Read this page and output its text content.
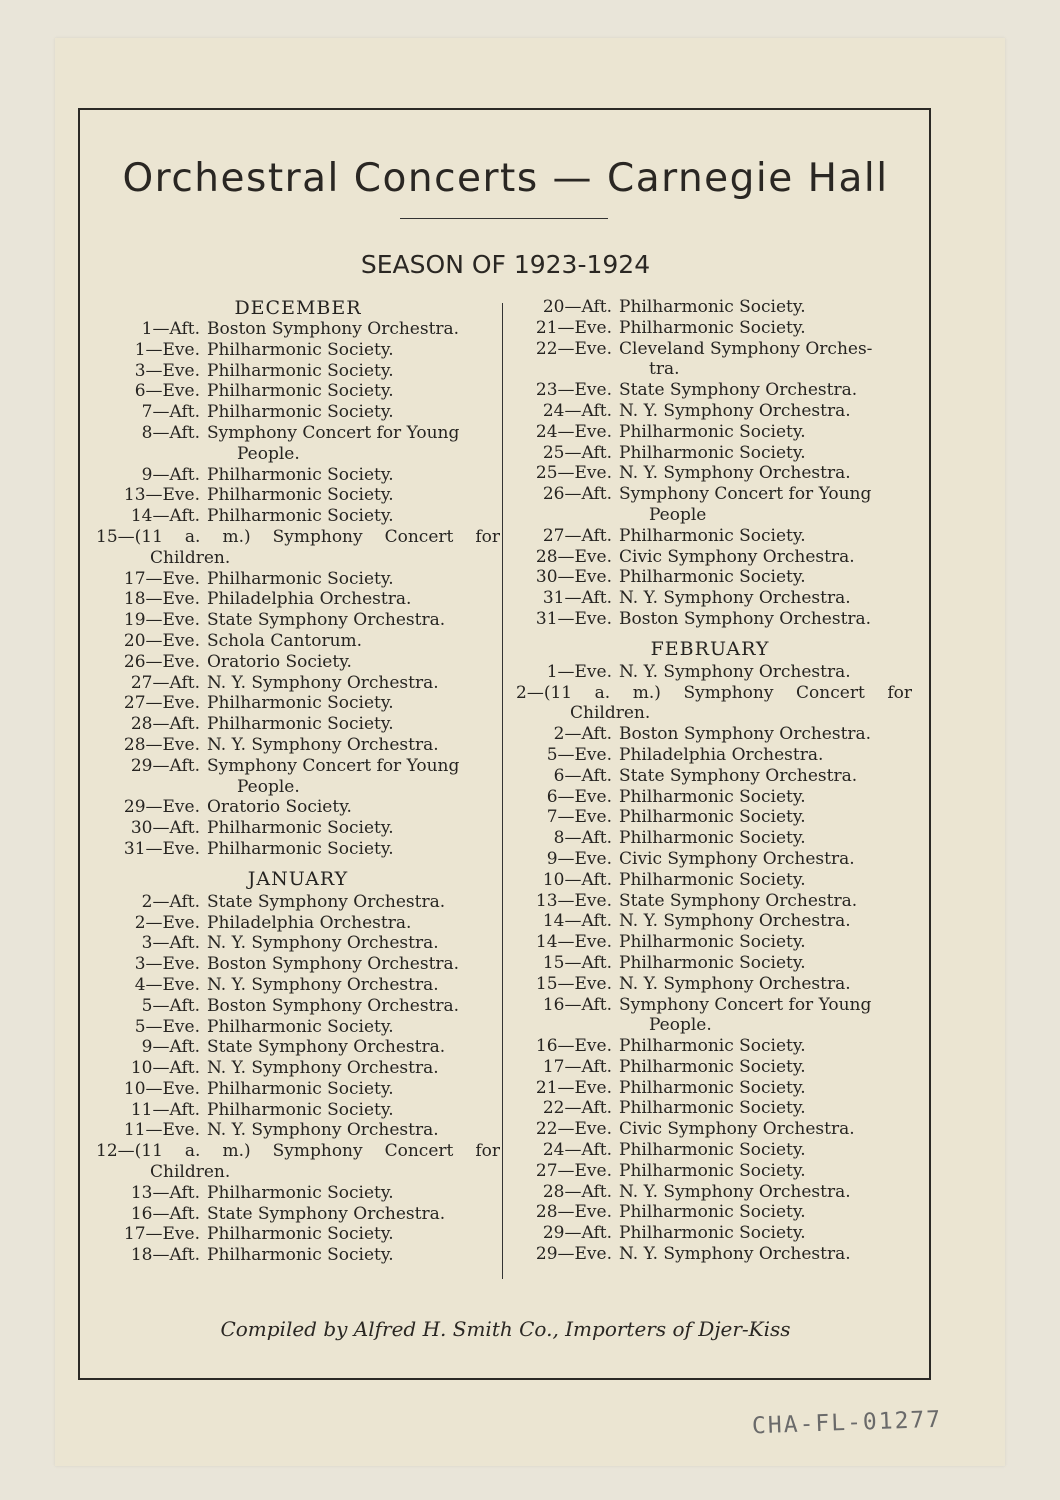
Orchestral Concerts — Carnegie Hall
SEASON OF 1923-1924
DECEMBER
1—Aft. Boston Symphony Orchestra.
1—Eve. Philharmonic Society.
3—Eve. Philharmonic Society.
6—Eve. Philharmonic Society.
7—Aft. Philharmonic Society.
8—Aft. Symphony Concert for Young
People.
9—Aft. Philharmonic Society.
13—Eve. Philharmonic Society.
14—Aft. Philharmonic Society.
15—(11 a. m.) Symphony Concert for
Children.
17—Eve. Philharmonic Society.
18—Eve. Philadelphia Orchestra.
19—Eve. State Symphony Orchestra.
20—Eve. Schola Cantorum.
26—Eve. Oratorio Society.
27—Aft. N. Y. Symphony Orchestra.
27—Eve. Philharmonic Society.
28—Aft. Philharmonic Society.
28—Eve. N. Y. Symphony Orchestra.
29—Aft. Symphony Concert for Young
People.
29—Eve. Oratorio Society.
30—Aft. Philharmonic Society.
31—Eve. Philharmonic Society.
JANUARY
2—Aft. State Symphony Orchestra.
2—Eve. Philadelphia Orchestra.
3—Aft. N. Y. Symphony Orchestra.
3—Eve. Boston Symphony Orchestra.
4—Eve. N. Y. Symphony Orchestra.
5—Aft. Boston Symphony Orchestra.
5—Eve. Philharmonic Society.
9—Aft. State Symphony Orchestra.
10—Aft. N. Y. Symphony Orchestra.
10—Eve. Philharmonic Society.
11—Aft. Philharmonic Society.
11—Eve. N. Y. Symphony Orchestra.
12—(11 a. m.) Symphony Concert for
Children.
13—Aft. Philharmonic Society.
16—Aft. State Symphony Orchestra.
17—Eve. Philharmonic Society.
18—Aft. Philharmonic Society.
20—Aft. Philharmonic Society.
21—Eve. Philharmonic Society.
22—Eve. Cleveland Symphony Orches-
tra.
23—Eve. State Symphony Orchestra.
24—Aft. N. Y. Symphony Orchestra.
24—Eve. Philharmonic Society.
25—Aft. Philharmonic Society.
25—Eve. N. Y. Symphony Orchestra.
26—Aft. Symphony Concert for Young
People
27—Aft. Philharmonic Society.
28—Eve. Civic Symphony Orchestra.
30—Eve. Philharmonic Society.
31—Aft. N. Y. Symphony Orchestra.
31—Eve. Boston Symphony Orchestra.
FEBRUARY
1—Eve. N. Y. Symphony Orchestra.
2—(11 a. m.) Symphony Concert for
Children.
2—Aft. Boston Symphony Orchestra.
5—Eve. Philadelphia Orchestra.
6—Aft. State Symphony Orchestra.
6—Eve. Philharmonic Society.
7—Eve. Philharmonic Society.
8—Aft. Philharmonic Society.
9—Eve. Civic Symphony Orchestra.
10—Aft. Philharmonic Society.
13—Eve. State Symphony Orchestra.
14—Aft. N. Y. Symphony Orchestra.
14—Eve. Philharmonic Society.
15—Aft. Philharmonic Society.
15—Eve. N. Y. Symphony Orchestra.
16—Aft. Symphony Concert for Young
People.
16—Eve. Philharmonic Society.
17—Aft. Philharmonic Society.
21—Eve. Philharmonic Society.
22—Aft. Philharmonic Society.
22—Eve. Civic Symphony Orchestra.
24—Aft. Philharmonic Society.
27—Eve. Philharmonic Society.
28—Aft. N. Y. Symphony Orchestra.
28—Eve. Philharmonic Society.
29—Aft. Philharmonic Society.
29—Eve. N. Y. Symphony Orchestra.
Compiled by Alfred H. Smith Co., Importers of Djer-Kiss
CHA-FL-01277
